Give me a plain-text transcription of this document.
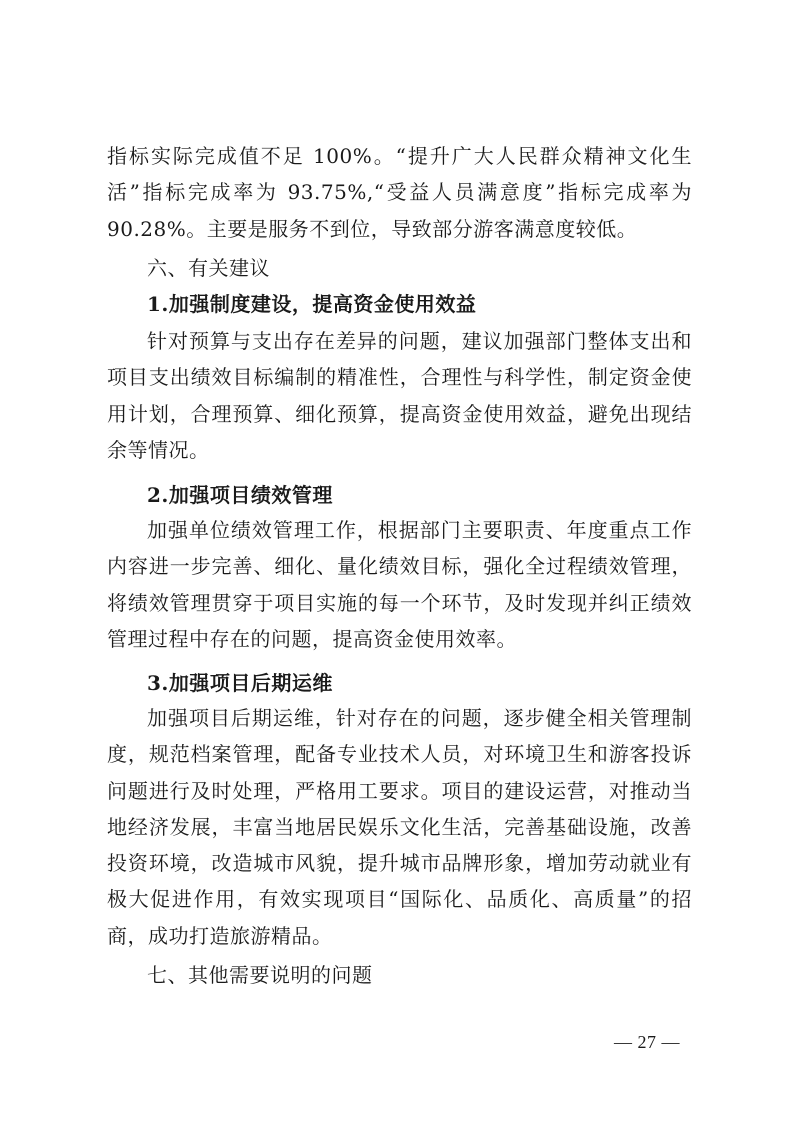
指标实际完成值不足 100%。“提升广大人民群众精神文化生活”指标完成率为 93.75%,“受益人员满意度”指标完成率为 90.28%。主要是服务不到位，导致部分游客满意度较低。

六、有关建议

1.加强制度建设，提高资金使用效益

针对预算与支出存在差异的问题，建议加强部门整体支出和项目支出绩效目标编制的精准性，合理性与科学性，制定资金使用计划，合理预算、细化预算，提高资金使用效益，避免出现结余等情况。

2.加强项目绩效管理

加强单位绩效管理工作，根据部门主要职责、年度重点工作内容进一步完善、细化、量化绩效目标，强化全过程绩效管理，将绩效管理贯穿于项目实施的每一个环节，及时发现并纠正绩效管理过程中存在的问题，提高资金使用效率。

3.加强项目后期运维

加强项目后期运维，针对存在的问题，逐步健全相关管理制度，规范档案管理，配备专业技术人员，对环境卫生和游客投诉问题进行及时处理，严格用工要求。项目的建设运营，对推动当地经济发展，丰富当地居民娱乐文化生活，完善基础设施，改善投资环境，改造城市风貌，提升城市品牌形象，增加劳动就业有极大促进作用，有效实现项目“国际化、品质化、高质量”的招商，成功打造旅游精品。

七、其他需要说明的问题

— 27 —
